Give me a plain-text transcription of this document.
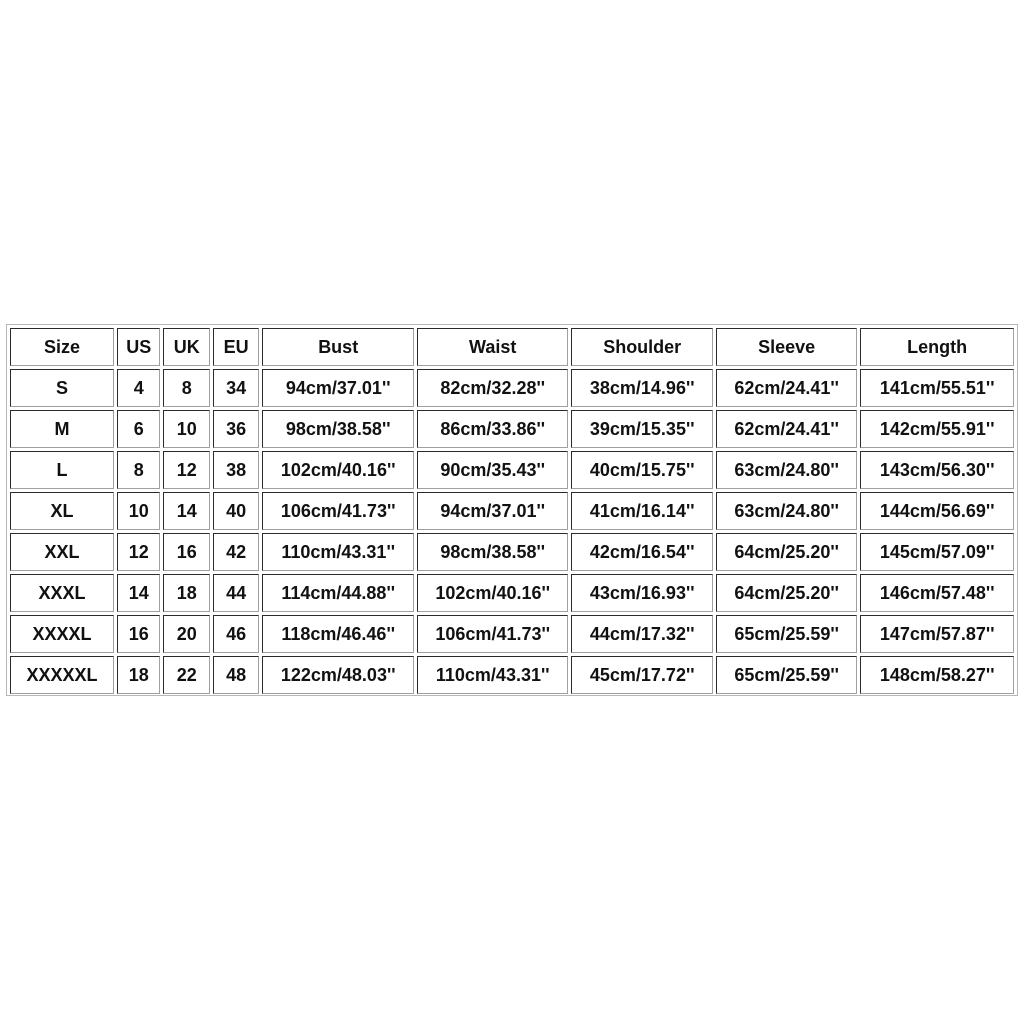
Size	US	UK	EU	Bust	Waist	Shoulder	Sleeve	Length
S	4	8	34	94cm/37.01''	82cm/32.28''	38cm/14.96''	62cm/24.41''	141cm/55.51''
M	6	10	36	98cm/38.58''	86cm/33.86''	39cm/15.35''	62cm/24.41''	142cm/55.91''
L	8	12	38	102cm/40.16''	90cm/35.43''	40cm/15.75''	63cm/24.80''	143cm/56.30''
XL	10	14	40	106cm/41.73''	94cm/37.01''	41cm/16.14''	63cm/24.80''	144cm/56.69''
XXL	12	16	42	110cm/43.31''	98cm/38.58''	42cm/16.54''	64cm/25.20''	145cm/57.09''
XXXL	14	18	44	114cm/44.88''	102cm/40.16''	43cm/16.93''	64cm/25.20''	146cm/57.48''
XXXXL	16	20	46	118cm/46.46''	106cm/41.73''	44cm/17.32''	65cm/25.59''	147cm/57.87''
XXXXXL	18	22	48	122cm/48.03''	110cm/43.31''	45cm/17.72''	65cm/25.59''	148cm/58.27''
